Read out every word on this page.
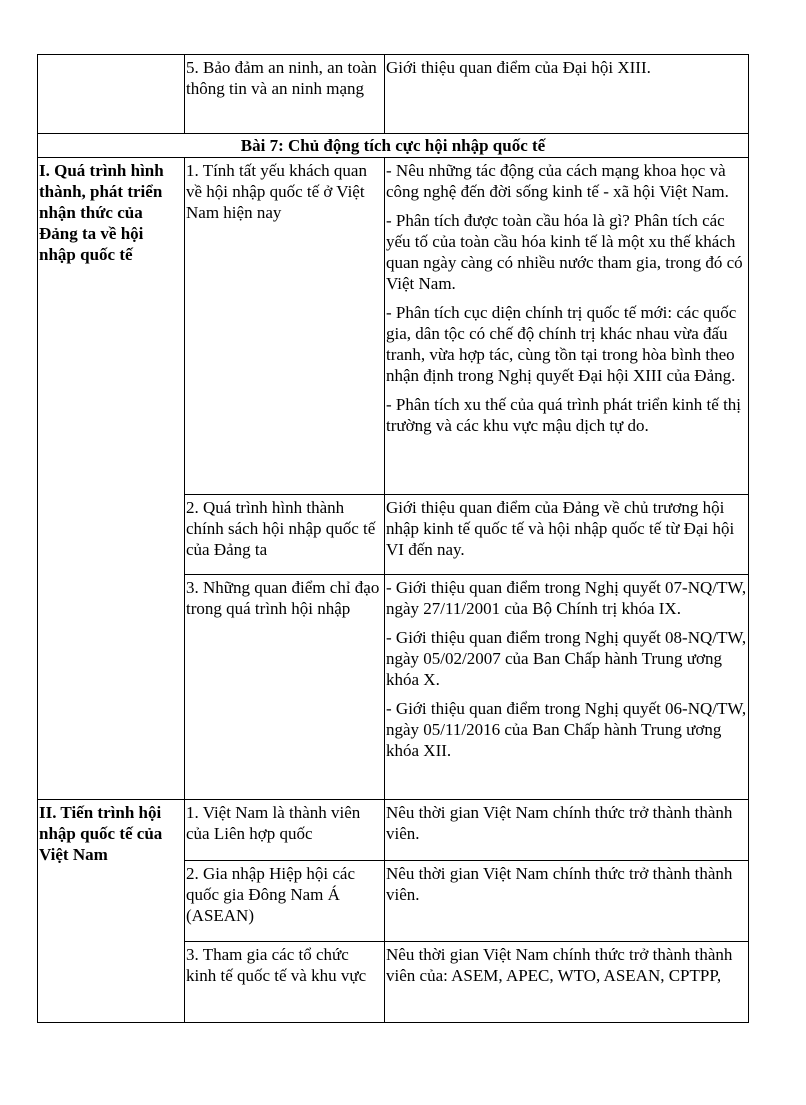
	5. Bảo đảm an ninh, an toàn thông tin và an ninh mạng	Giới thiệu quan điểm của Đại hội XIII.

Bài 7: Chủ động tích cực hội nhập quốc tế		
I. Quá trình hình thành, phát triển nhận thức của Đảng ta về hội nhập quốc tế	1. Tính tất yếu khách quan về hội nhập quốc tế ở Việt Nam hiện nay	- Nêu những tác động của cách mạng khoa học và công nghệ đến đời sống kinh tế - xã hội Việt Nam.
- Phân tích được toàn cầu hóa là gì? Phân tích các yếu tố của toàn cầu hóa kinh tế là một xu thế khách quan ngày càng có nhiều nước tham gia, trong đó có Việt Nam.
- Phân tích cục diện chính trị quốc tế mới: các quốc gia, dân tộc có chế độ chính trị khác nhau vừa đấu tranh, vừa hợp tác, cùng tồn tại trong hòa bình theo nhận định trong Nghị quyết Đại hội XIII của Đảng.
- Phân tích xu thế của quá trình phát triển kinh tế thị trường và các khu vực mậu dịch tự do.

	2. Quá trình hình thành chính sách hội nhập quốc tế của Đảng ta	Giới thiệu quan điểm của Đảng về chủ trương hội nhập kinh tế quốc tế và hội nhập quốc tế từ Đại hội VI đến nay.

	3. Những quan điểm chỉ đạo trong quá trình hội nhập	- Giới thiệu quan điểm trong Nghị quyết 07-NQ/TW, ngày 27/11/2001 của Bộ Chính trị khóa IX.
- Giới thiệu quan điểm trong Nghị quyết 08-NQ/TW, ngày 05/02/2007 của Ban Chấp hành Trung ương khóa X.
- Giới thiệu quan điểm trong Nghị quyết 06-NQ/TW, ngày 05/11/2016 của Ban Chấp hành Trung ương khóa XII.

II. Tiến trình hội nhập quốc tế của Việt Nam	1. Việt Nam là thành viên của Liên hợp quốc	Nêu thời gian Việt Nam chính thức trở thành thành viên.

	2. Gia nhập Hiệp hội các quốc gia Đông Nam Á (ASEAN)	Nêu thời gian Việt Nam chính thức trở thành thành viên.

	3. Tham gia các tổ chức kinh tế quốc tế và khu vực	Nêu thời gian Việt Nam chính thức trở thành thành viên của: ASEM, APEC, WTO, ASEAN, CPTPP,
